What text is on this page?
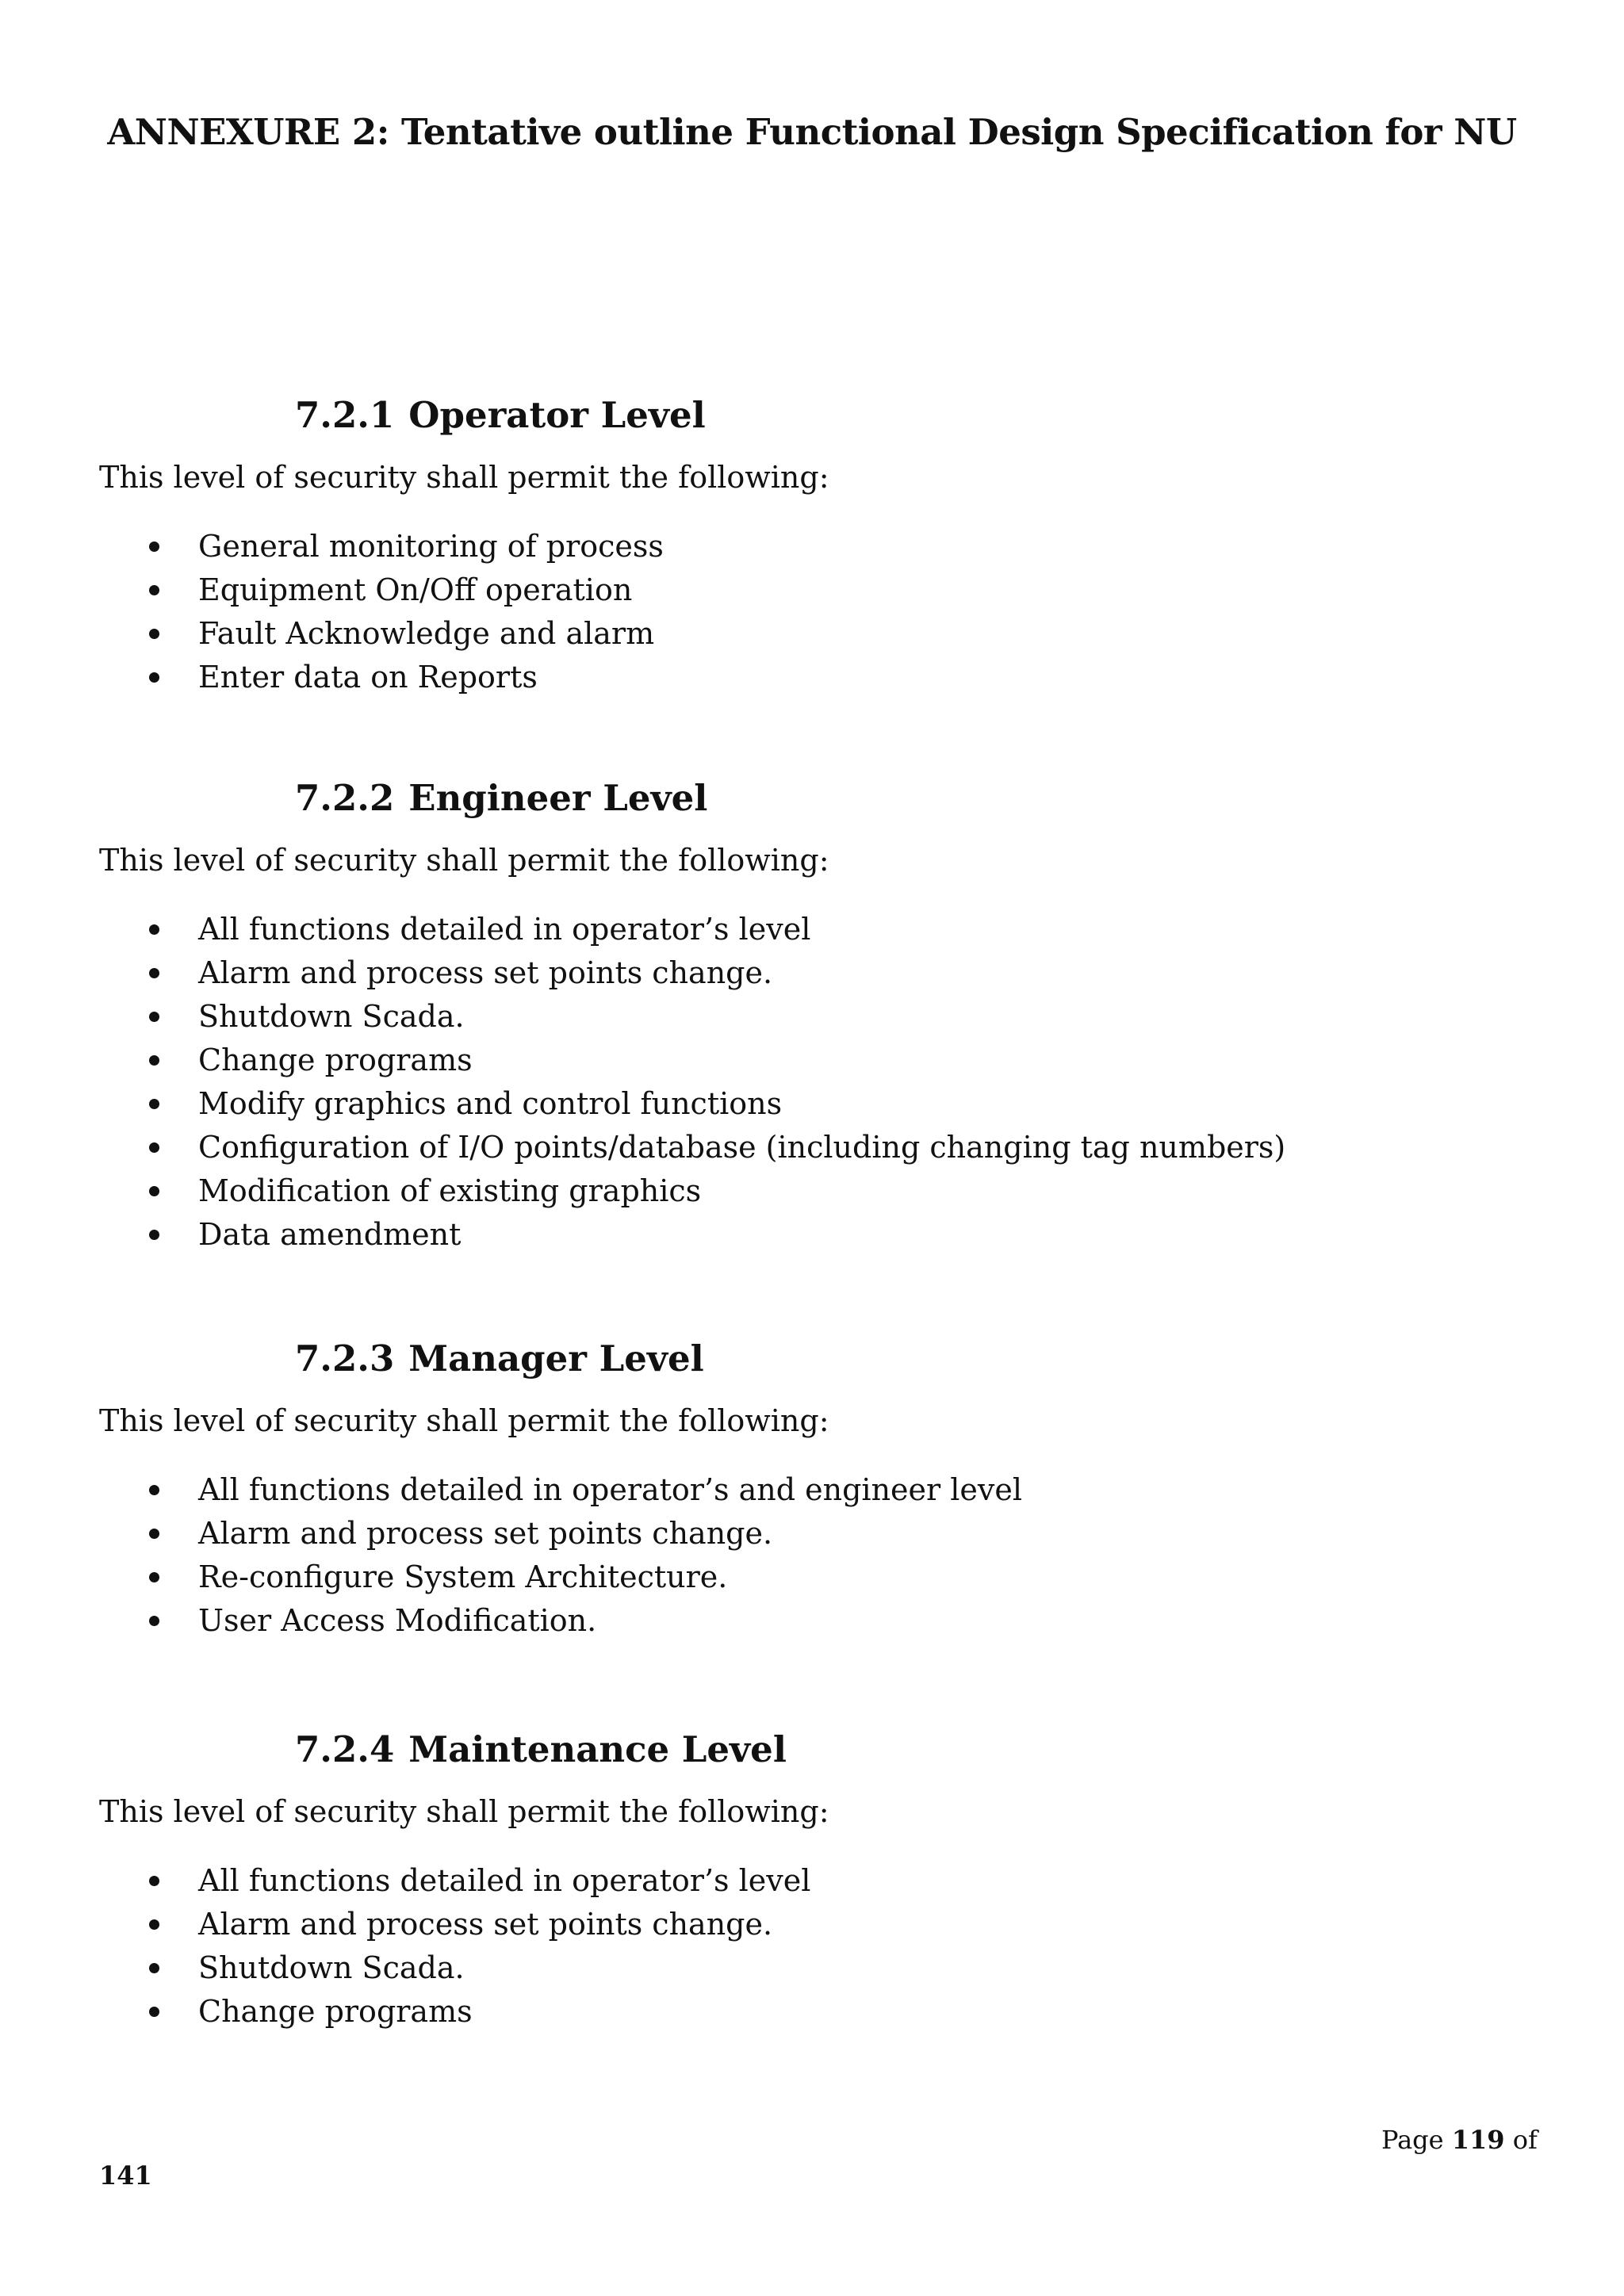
ANNEXURE 2: Tentative outline Functional Design Specification for NU
7.2.1 Operator Level

This level of security shall permit the following:

General monitoring of process
Equipment On/Off operation
Fault Acknowledge and alarm
Enter data on Reports
7.2.2 Engineer Level

This level of security shall permit the following:

All functions detailed in operator’s level
Alarm and process set points change.
Shutdown Scada.
Change programs
Modify graphics and control functions
Configuration of I/O points/database (including changing tag numbers)
Modification of existing graphics
Data amendment
7.2.3 Manager Level

This level of security shall permit the following:

All functions detailed in operator’s and engineer level
Alarm and process set points change.
Re-configure System Architecture.
User Access Modification.
7.2.4 Maintenance Level

This level of security shall permit the following:

All functions detailed in operator’s level
Alarm and process set points change.
Shutdown Scada.
Change programs
Page 119 of
141
